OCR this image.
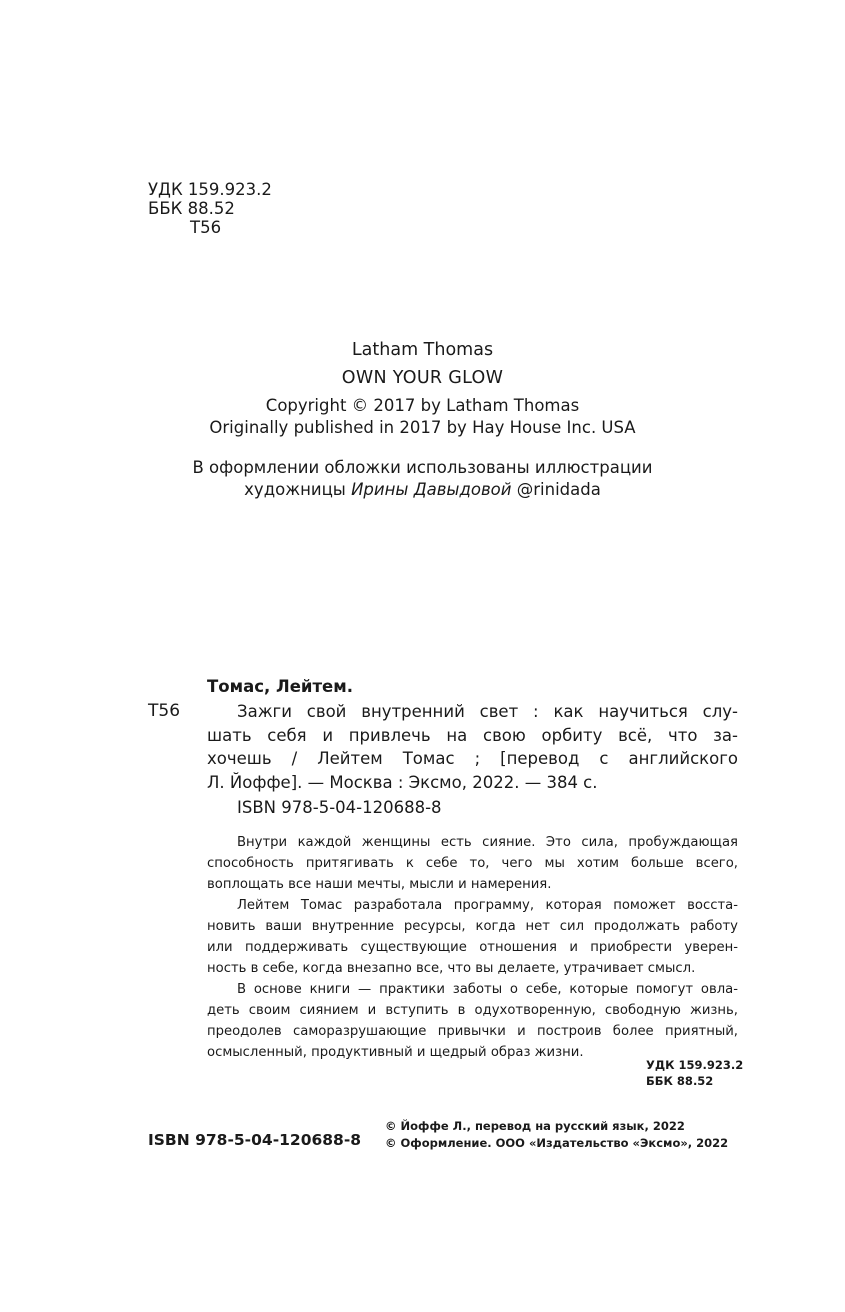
УДК 159.923.2
ББК 88.52
Т56
Latham Thomas
OWN YOUR GLOW
Copyright © 2017 by Latham Thomas
Originally published in 2017 by Hay House Inc. USA
В оформлении обложки использованы иллюстрации
художницы Ирины Давыдовой @rinidada
Томас, Лейтем.
Т56	Зажги свой внутренний свет : как научиться слу-
шать себя и привлечь на свою орбиту всё, что за-
хочешь / Лейтем Томас ; [перевод с английского
Л. Йоффе]. — Москва : Эксмо, 2022. — 384 с.
ISBN 978-5-04-120688-8
Внутри каждой женщины есть сияние. Это сила, пробуждающая
способность притягивать к себе то, чего мы хотим больше всего,
воплощать все наши мечты, мысли и намерения.
Лейтем Томас разработала программу, которая поможет восста-
новить ваши внутренние ресурсы, когда нет сил продолжать работу
или поддерживать существующие отношения и приобрести уверен-
ность в себе, когда внезапно все, что вы делаете, утрачивает смысл.
В основе книги — практики заботы о себе, которые помогут овла-
деть своим сиянием и вступить в одухотворенную, свободную жизнь,
преодолев саморазрушающие привычки и построив более приятный,
осмысленный, продуктивный и щедрый образ жизни.
УДК 159.923.2
ББК 88.52
ISBN 978-5-04-120688-8
© Йоффе Л., перевод на русский язык, 2022
© Оформление. ООО «Издательство «Эксмо», 2022
